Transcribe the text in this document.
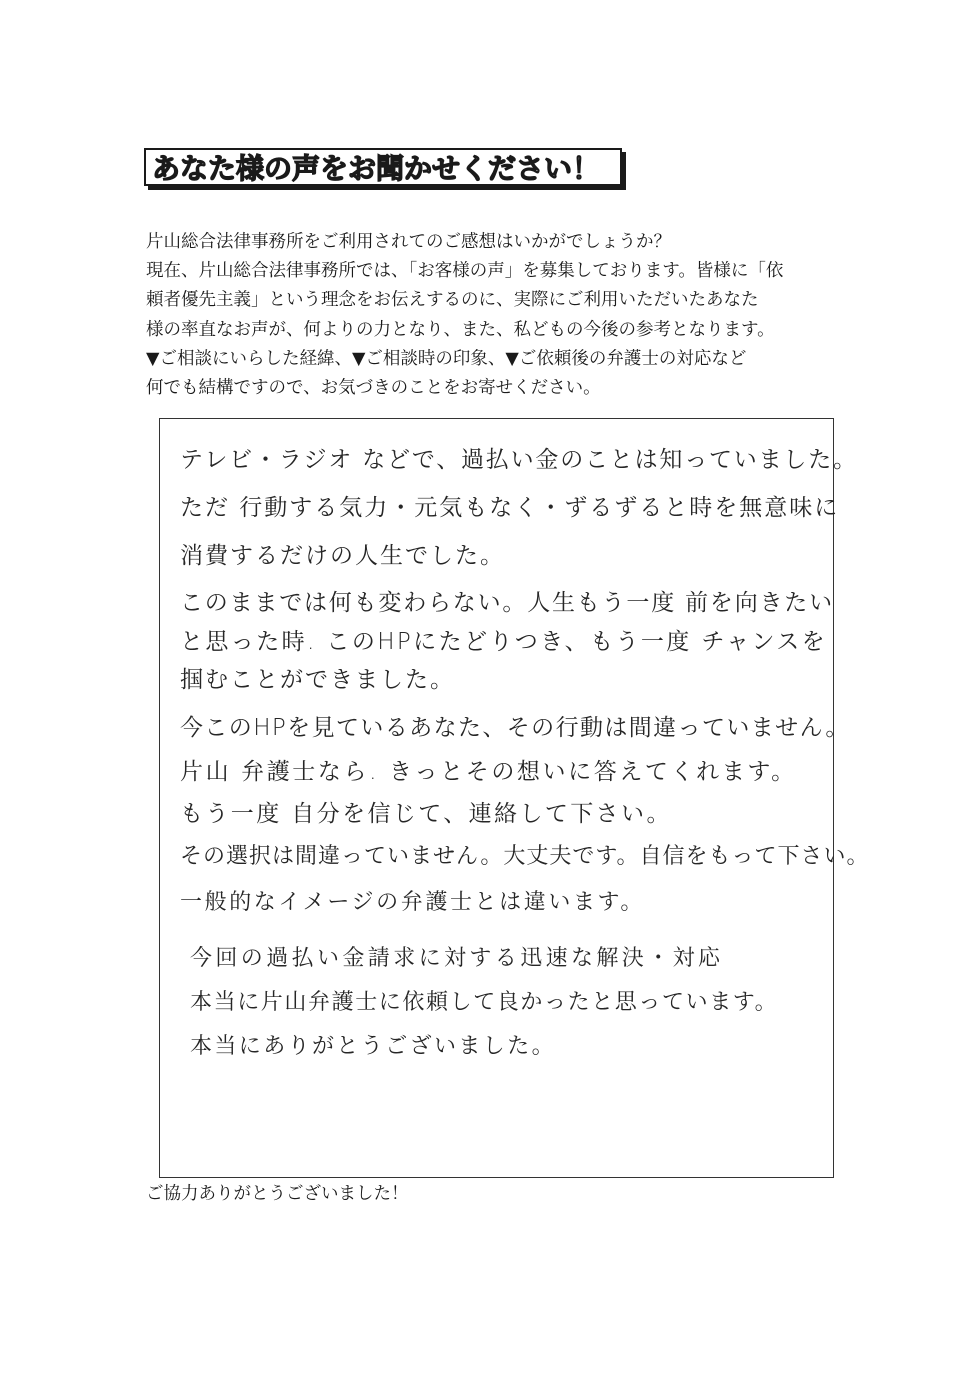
あなた様の声をお聞かせください！
片山総合法律事務所をご利用されてのご感想はいかがでしょうか？
現在、片山総合法律事務所では、「お客様の声」を募集しております。皆様に「依
頼者優先主義」という理念をお伝えするのに、実際にご利用いただいたあなた
様の率直なお声が、何よりの力となり、また、私どもの今後の参考となります。
▼ご相談にいらした経緯、▼ご相談時の印象、▼ご依頼後の弁護士の対応など
何でも結構ですので、お気づきのことをお寄せください。
テレビ・ラジオ などで、過払い金のことは知っていました。
ただ 行動する気力・元気もなく・ずるずると時を無意味に
消費するだけの人生でした。
このままでは何も変わらない。人生もう一度 前を向きたい
と思った時. このHPにたどりつき、もう一度 チャンスを
掴むことができました。
今このHPを見ているあなた、その行動は間違っていません。
片山 弁護士なら. きっとその想いに答えてくれます。
もう一度 自分を信じて、連絡して下さい。
その選択は間違っていません。大丈夫です。自信をもって下さい。
一般的なイメージの弁護士とは違います。
今回の過払い金請求に対する迅速な解決・対応
本当に片山弁護士に依頼して良かったと思っています。
本当にありがとうございました。
ご協力ありがとうございました！
